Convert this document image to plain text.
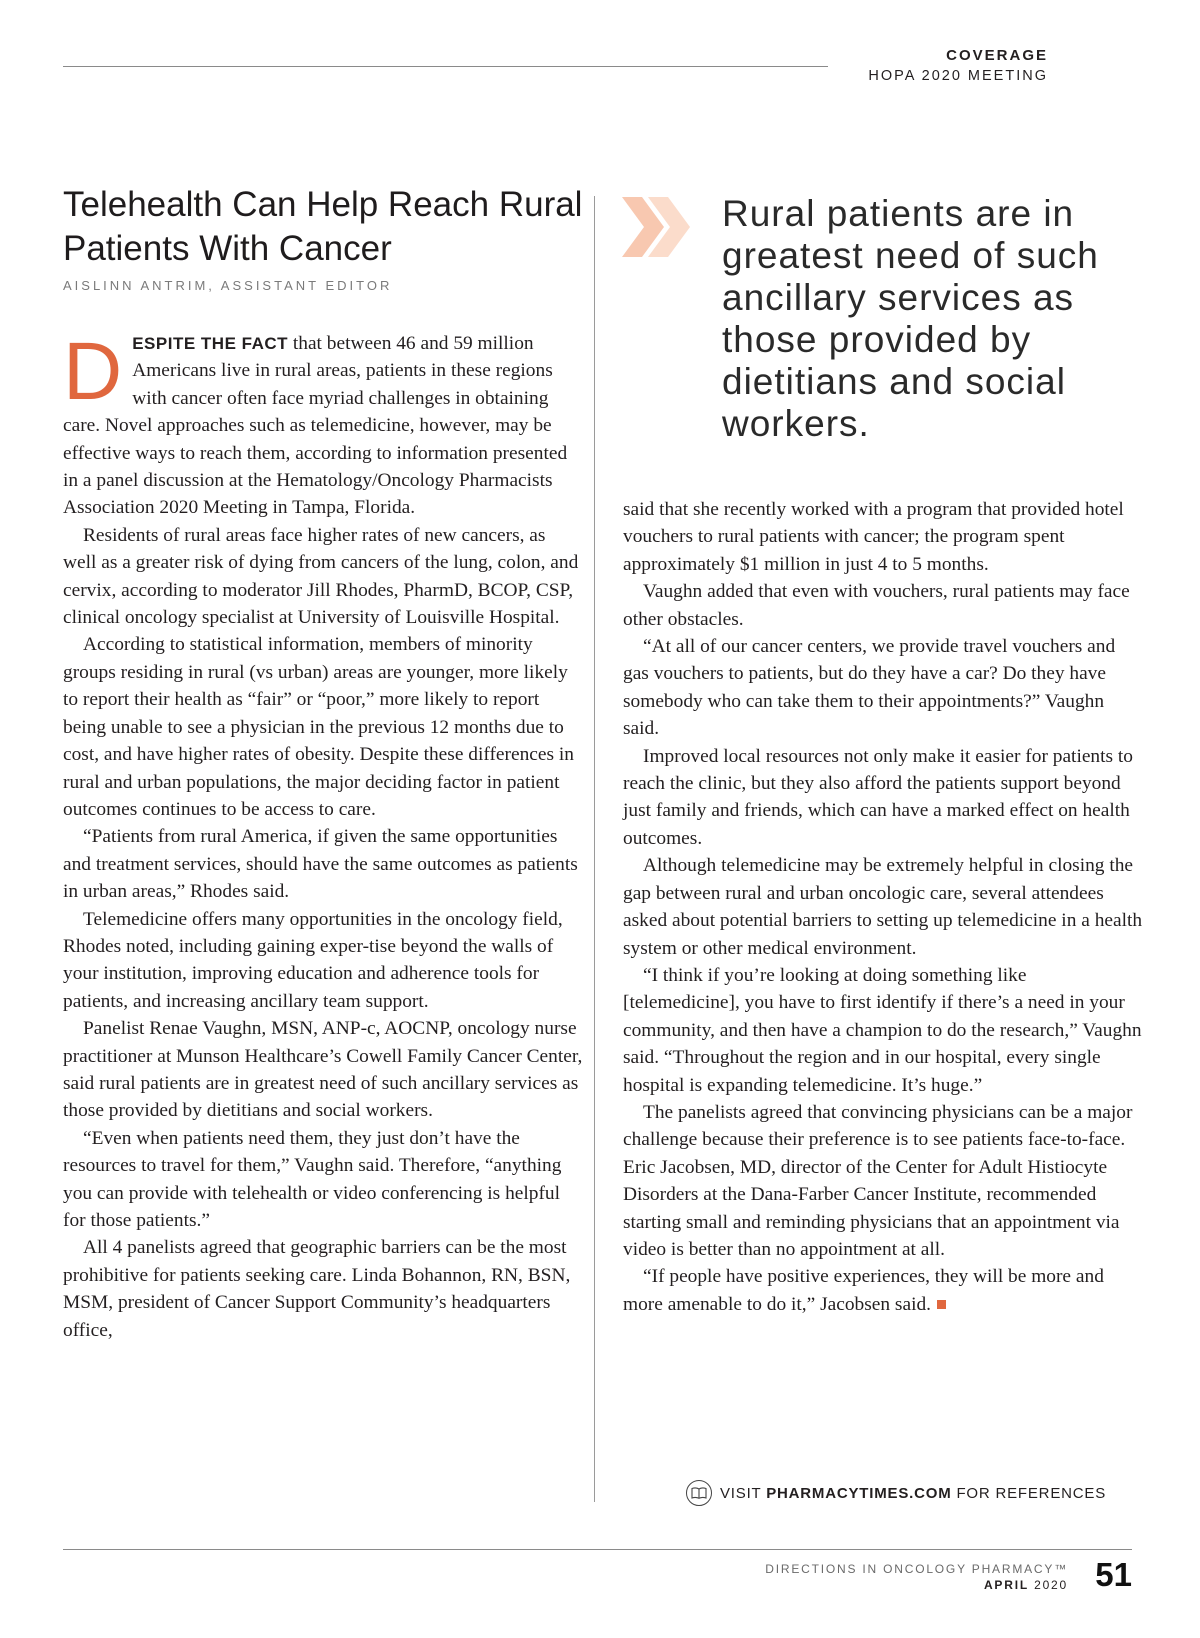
COVERAGE
HOPA 2020 MEETING
Telehealth Can Help Reach Rural Patients With Cancer
AISLINN ANTRIM, ASSISTANT EDITOR

DESPITE THE FACT that between 46 and 59 million Americans live in rural areas, patients in these regions with cancer often face myriad challenges in obtaining care. Novel approaches such as telemedicine, however, may be effective ways to reach them, according to information presented in a panel discussion at the Hematology/Oncology Pharmacists Association 2020 Meeting in Tampa, Florida.

Residents of rural areas face higher rates of new cancers, as well as a greater risk of dying from cancers of the lung, colon, and cervix, according to moderator Jill Rhodes, PharmD, BCOP, CSP, clinical oncology specialist at University of Louisville Hospital.

According to statistical information, members of minority groups residing in rural (vs urban) areas are younger, more likely to report their health as “fair” or “poor,” more likely to report being unable to see a physician in the previous 12 months due to cost, and have higher rates of obesity. Despite these differences in rural and urban populations, the major deciding factor in patient outcomes continues to be access to care.

“Patients from rural America, if given the same opportunities and treatment services, should have the same outcomes as patients in urban areas,” Rhodes said.

Telemedicine offers many opportunities in the oncology field, Rhodes noted, including gaining exper-tise beyond the walls of your institution, improving education and adherence tools for patients, and increasing ancillary team support.

Panelist Renae Vaughn, MSN, ANP-c, AOCNP, oncology nurse practitioner at Munson Healthcare’s Cowell Family Cancer Center, said rural patients are in greatest need of such ancillary services as those provided by dietitians and social workers.

“Even when patients need them, they just don’t have the resources to travel for them,” Vaughn said. Therefore, “anything you can provide with telehealth or video conferencing is helpful for those patients.”

All 4 panelists agreed that geographic barriers can be the most prohibitive for patients seeking care. Linda Bohannon, RN, BSN, MSM, president of Cancer Support Community’s headquarters office,

Rural patients are in greatest need of such ancillary services as those provided by dietitians and social workers.

said that she recently worked with a program that provided hotel vouchers to rural patients with cancer; the program spent approximately $1 million in just 4 to 5 months.

Vaughn added that even with vouchers, rural patients may face other obstacles.

“At all of our cancer centers, we provide travel vouchers and gas vouchers to patients, but do they have a car? Do they have somebody who can take them to their appointments?” Vaughn said.

Improved local resources not only make it easier for patients to reach the clinic, but they also afford the patients support beyond just family and friends, which can have a marked effect on health outcomes.

Although telemedicine may be extremely helpful in closing the gap between rural and urban oncologic care, several attendees asked about potential barriers to setting up telemedicine in a health system or other medical environment.

“I think if you’re looking at doing something like [telemedicine], you have to first identify if there’s a need in your community, and then have a champion to do the research,” Vaughn said. “Throughout the region and in our hospital, every single hospital is expanding telemedicine. It’s huge.”

The panelists agreed that convincing physicians can be a major challenge because their preference is to see patients face-to-face. Eric Jacobsen, MD, director of the Center for Adult Histiocyte Disorders at the Dana-Farber Cancer Institute, recommended starting small and reminding physicians that an appointment via video is better than no appointment at all.

“If people have positive experiences, they will be more and more amenable to do it,” Jacobsen said.

VISIT PHARMACYTIMES.COM FOR REFERENCES
DIRECTIONS IN ONCOLOGY PHARMACY™
APRIL 2020 51
